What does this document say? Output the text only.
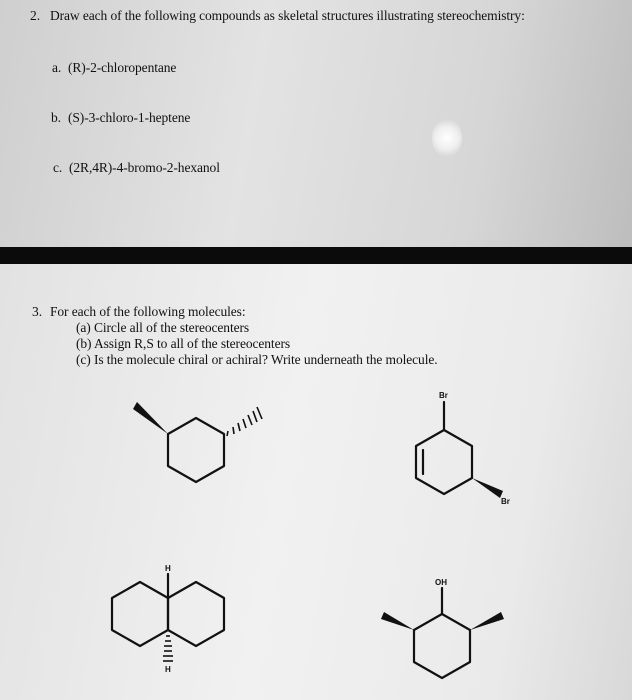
2. Draw each of the following compounds as skeletal structures illustrating stereochemistry:
a. (R)-2-chloropentane
b. (S)-3-chloro-1-heptene
c. (2R,4R)-4-bromo-2-hexanol
3. For each of the following molecules:
(a) Circle all of the stereocenters
(b) Assign R,S to all of the stereocenters
(c) Is the molecule chiral or achiral? Write underneath the molecule.
Br
Br
H
H
OH
